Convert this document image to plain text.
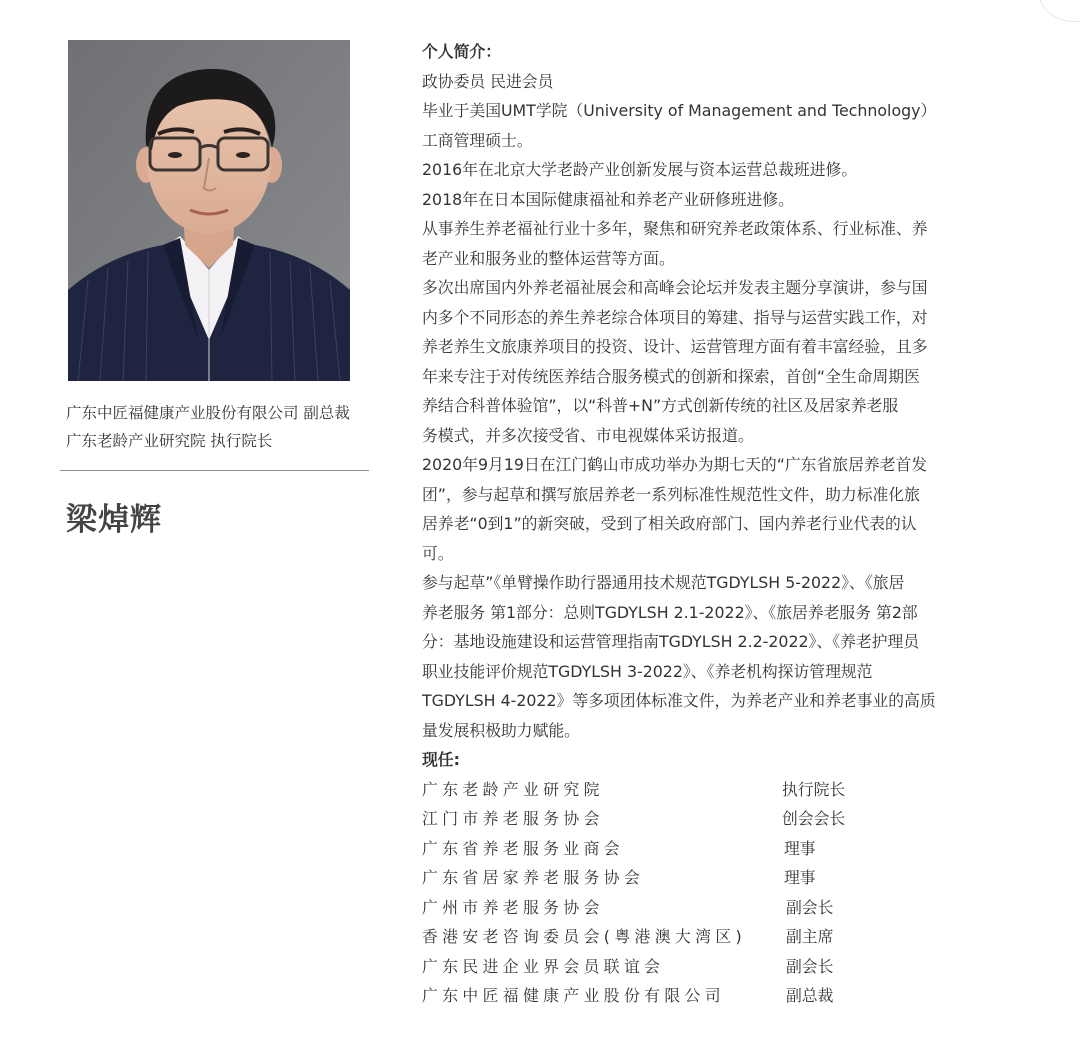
广东中匠福健康产业股份有限公司 副总裁
广东老龄产业研究院 执行院长
梁焯辉
个人简介：
政协委员 民进会员
毕业于美国UMT学院（University of Management and Technology）
工商管理硕士。
2016年在北京大学老龄产业创新发展与资本运营总裁班进修。
2018年在日本国际健康福祉和养老产业研修班进修。
从事养生养老福祉行业十多年，聚焦和研究养老政策体系、行业标准、养
老产业和服务业的整体运营等方面。
多次出席国内外养老福祉展会和高峰会论坛并发表主题分享演讲，参与国
内多个不同形态的养生养老综合体项目的筹建、指导与运营实践工作，对
养老养生文旅康养项目的投资、设计、运营管理方面有着丰富经验，且多
年来专注于对传统医养结合服务模式的创新和探索，首创“全生命周期医
养结合科普体验馆”，以“科普+N”方式创新传统的社区及居家养老服
务模式，并多次接受省、市电视媒体采访报道。
2020年9月19日在江门鹤山市成功举办为期七天的“广东省旅居养老首发
团”，参与起草和撰写旅居养老一系列标准性规范性文件，助力标准化旅
居养老“0到1”的新突破，受到了相关政府部门、国内养老行业代表的认
可。
参与起草”《单臂操作助行器通用技术规范TGDYLSH 5-2022》、《旅居
养老服务 第1部分：总则TGDYLSH 2.1-2022》、《旅居养老服务 第2部
分：基地设施建设和运营管理指南TGDYLSH 2.2-2022》、《养老护理员
职业技能评价规范TGDYLSH 3-2022》、《养老机构探访管理规范
TGDYLSH 4-2022》等多项团体标准文件，为养老产业和养老事业的高质
量发展积极助力赋能。
现任:
广东老龄产业研究院	执行院长
江门市养老服务协会	创会会长
广东省养老服务业商会	理事
广东省居家养老服务协会	理事
广州市养老服务协会	副会长
香港安老咨询委员会(粤港澳大湾区)	副主席
广东民进企业界会员联谊会	副会长
广东中匠福健康产业股份有限公司	副总裁
